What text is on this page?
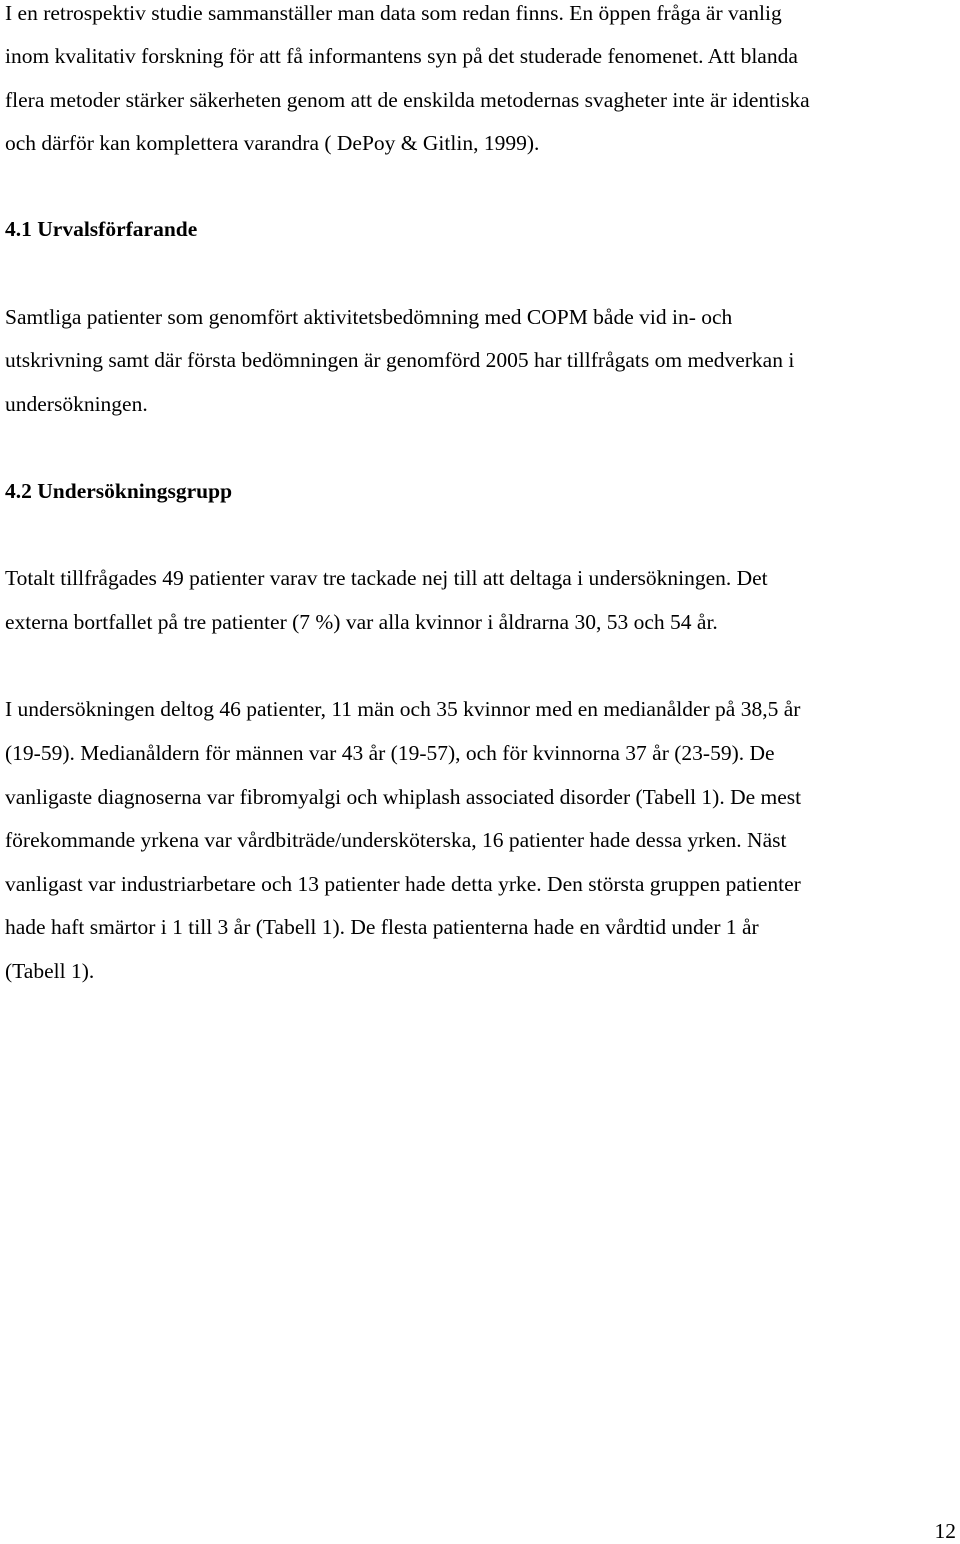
I en retrospektiv studie sammanställer man data som redan finns. En öppen fråga är vanlig
inom kvalitativ forskning för att få informantens syn på det studerade fenomenet. Att blanda
flera metoder stärker säkerheten genom att de enskilda metodernas svagheter inte är identiska
och därför kan komplettera varandra ( DePoy & Gitlin, 1999).
4.1 Urvalsförfarande
Samtliga patienter som genomfört aktivitetsbedömning med COPM både vid in- och
utskrivning samt där första bedömningen är genomförd 2005 har tillfrågats om medverkan i
undersökningen.
4.2 Undersökningsgrupp
Totalt tillfrågades 49 patienter varav tre tackade nej till att deltaga i undersökningen. Det
externa bortfallet på tre patienter (7 %) var alla kvinnor i åldrarna 30, 53 och 54 år.
I undersökningen deltog 46 patienter, 11 män och 35 kvinnor med en medianålder på 38,5 år
(19-59). Medianåldern för männen var 43 år (19-57), och för kvinnorna 37 år (23-59). De
vanligaste diagnoserna var fibromyalgi och whiplash associated disorder (Tabell 1). De mest
förekommande yrkena var vårdbiträde/undersköterska, 16 patienter hade dessa yrken. Näst
vanligast var industriarbetare och 13 patienter hade detta yrke. Den största gruppen patienter
hade haft smärtor i 1 till 3 år (Tabell 1). De flesta patienterna hade en vårdtid under 1 år
(Tabell 1).
12
